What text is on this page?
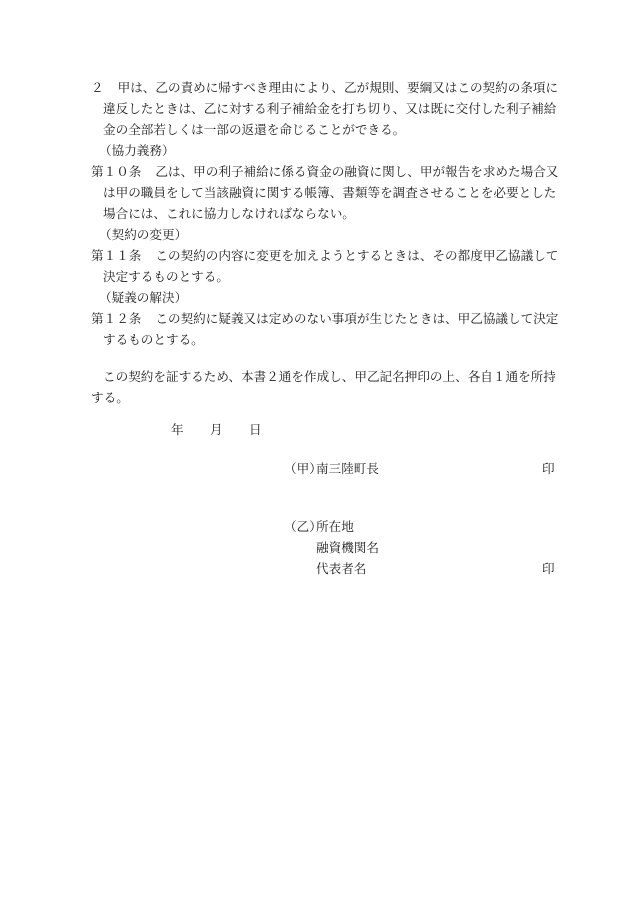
２ 甲は、乙の責めに帰すべき理由により、乙が規則、要綱又はこの契約の条項に
違反したときは、乙に対する利子補給金を打ち切り、又は既に交付した利子補給
金の全部若しくは一部の返還を命じることができる。
（協力義務）
第１０条 乙は、甲の利子補給に係る資金の融資に関し、甲が報告を求めた場合又
は甲の職員をして当該融資に関する帳簿、書類等を調査させることを必要とした
場合には、これに協力しなければならない。
（契約の変更）
第１１条 この契約の内容に変更を加えようとするときは、その都度甲乙協議して
決定するものとする。
（疑義の解決）
第１２条 この契約に疑義又は定めのない事項が生じたときは、甲乙協議して決定
するものとする。
この契約を証するため、本書２通を作成し、甲乙記名押印の上、各自１通を所持
する。
年 月 日
（甲）
南三陸町長	印
（乙）
所在地
融資機関名
代表者名	印
